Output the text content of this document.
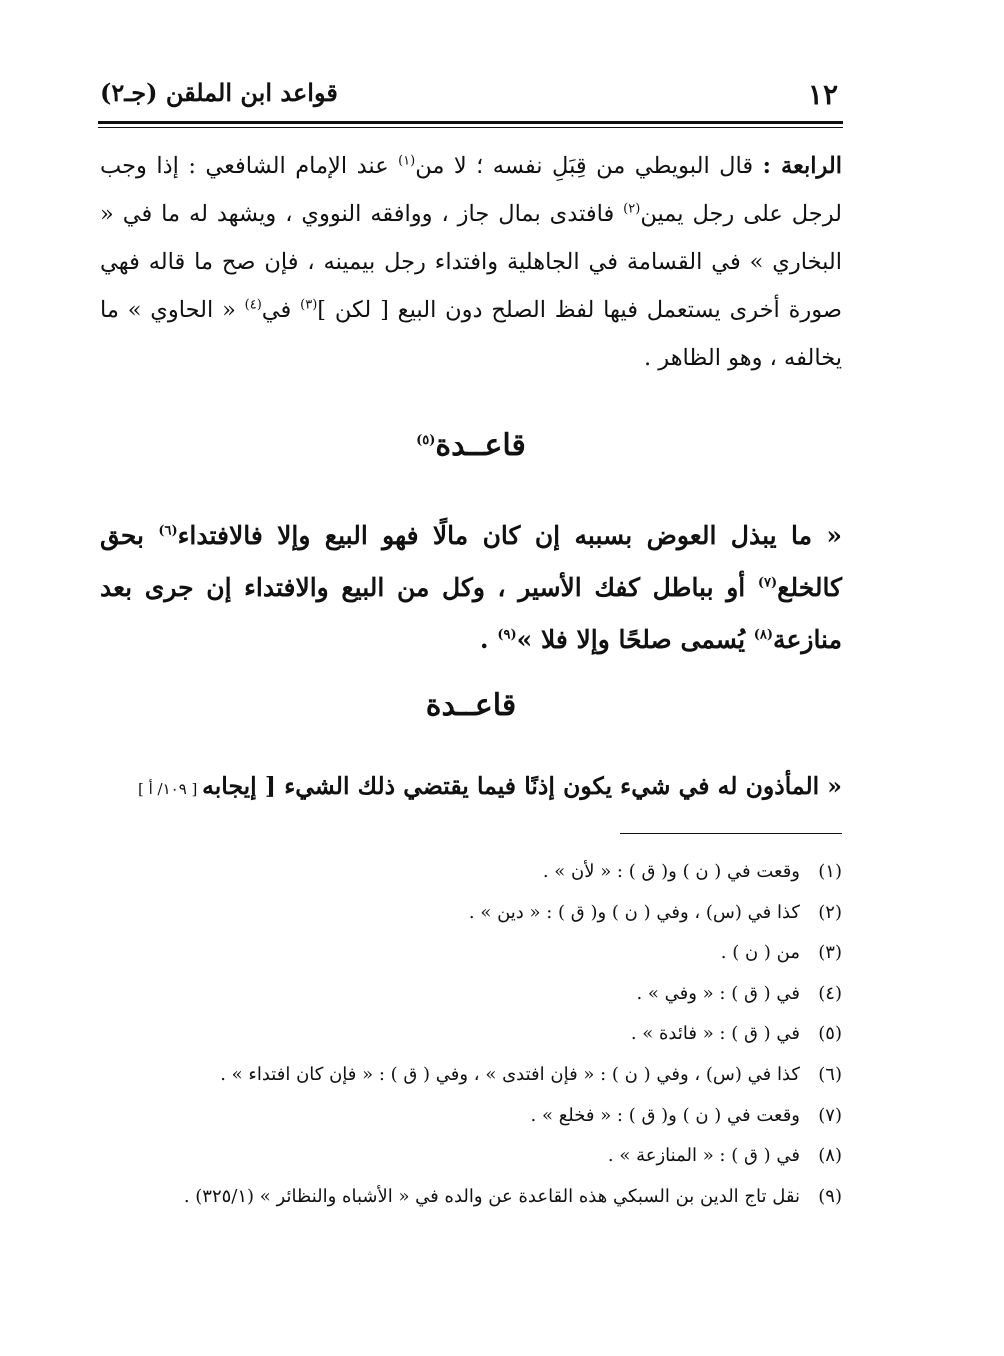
١٢
قواعد ابن الملقن (جـ٢)

الرابعة : قال البويطي من قِبَلِ نفسه ؛ لا من$^{(١)}$ عند الإمام الشافعي : إذا وجب لرجل على رجل يمين$^{(٢)}$ فافتدى بمال جاز ، ووافقه النووي ، ويشهد له ما في « البخاري » في القسامة في الجاهلية وافتداء رجل بيمينه ، فإن صح ما قاله فهي صورة أخرى يستعمل فيها لفظ الصلح دون البيع [ لكن ]$^{(٣)}$ في$^{(٤)}$ « الحاوي » ما يخالفه ، وهو الظاهر .

قاعــدة$^{(٥)}$

« ما يبذل العوض بسببه إن كان مالًا فهو البيع وإلا فالافتداء$^{(٦)}$ بحق كالخلع$^{(٧)}$ أو بباطل كفك الأسير ، وكل من البيع والافتداء إن جرى بعد منازعة$^{(٨)}$ يُسمى صلحًا وإلا فلا »$^{(٩)}$ .

قاعــدة

« المأذون له في شيء يكون إذنًا فيما يقتضي ذلك الشيء [ إيجابه [ ١٠٩/ أ ]

(١)وقعت في ( ن ) و( ق ) : « لأن » .
(٢)كذا في (س) ، وفي ( ن ) و( ق ) : « دين » .
(٣)من ( ن ) .
(٤)في ( ق ) : « وفي » .
(٥)في ( ق ) : « فائدة » .
(٦)كذا في (س) ، وفي ( ن ) : « فإن افتدى » ، وفي ( ق ) : « فإن كان افتداء » .
(٧)وقعت في ( ن ) و( ق ) : « فخلع » .
(٨)في ( ق ) : « المنازعة » .
(٩)نقل تاج الدين بن السبكي هذه القاعدة عن والده في « الأشباه والنظائر » (٣٢٥/١) .
